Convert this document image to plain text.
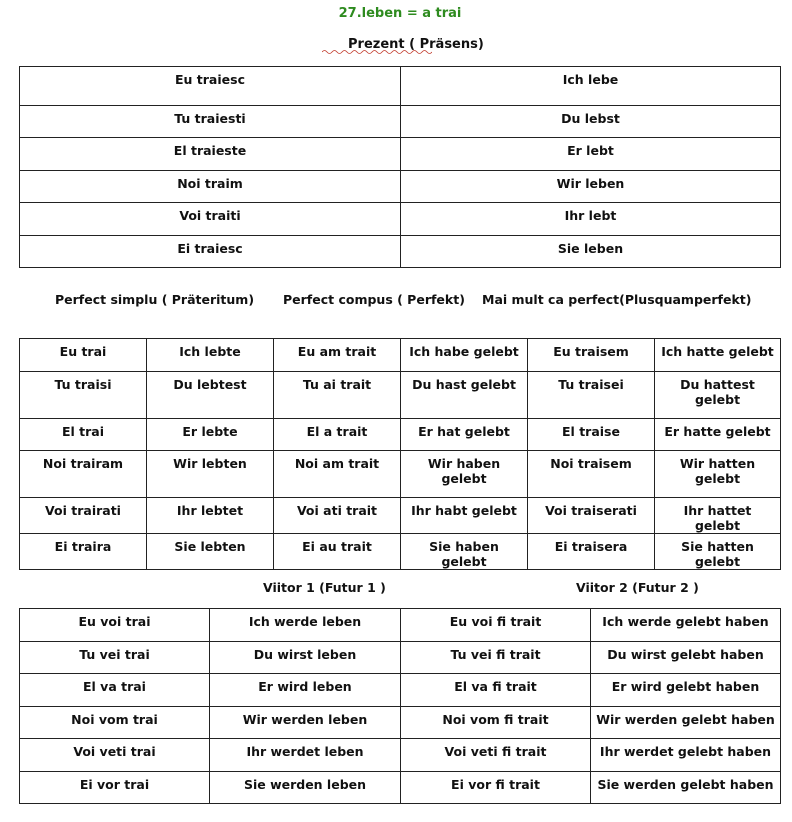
27.leben = a trai
Prezent ( Präsens)
Eu traiesc	Ich lebe
Tu traiesti	Du lebst
El traieste	Er lebt
Noi traim	Wir leben
Voi traiti	Ihr lebt
Ei traiesc	Sie leben
Perfect simplu ( Präteritum) Perfect compus ( Perfekt) Mai mult ca perfect(Plusquamperfekt)
Eu trai	Ich lebte	Eu am trait	Ich habe gelebt	Eu traisem	Ich hatte gelebt
Tu traisi	Du lebtest	Tu ai trait	Du hast gelebt	Tu traisei	Du hattest gelebt
El trai	Er lebte	El a trait	Er hat gelebt	El traise	Er hatte gelebt
Noi trairam	Wir lebten	Noi am trait	Wir haben gelebt	Noi traisem	Wir hatten gelebt
Voi trairati	Ihr lebtet	Voi ati trait	Ihr habt gelebt	Voi traiserati	Ihr hattet gelebt
Ei traira	Sie lebten	Ei au trait	Sie haben gelebt	Ei traisera	Sie hatten gelebt
Viitor 1 (Futur 1 )	Viitor 2 (Futur 2 )
Eu voi trai	Ich werde leben	Eu voi fi trait	Ich werde gelebt haben
Tu vei trai	Du wirst leben	Tu vei fi trait	Du wirst gelebt haben
El va trai	Er wird leben	El va fi trait	Er wird gelebt haben
Noi vom trai	Wir werden leben	Noi vom fi trait	Wir werden gelebt haben
Voi veti trai	Ihr werdet leben	Voi veti fi trait	Ihr werdet gelebt haben
Ei vor trai	Sie werden leben	Ei vor fi trait	Sie werden gelebt haben
